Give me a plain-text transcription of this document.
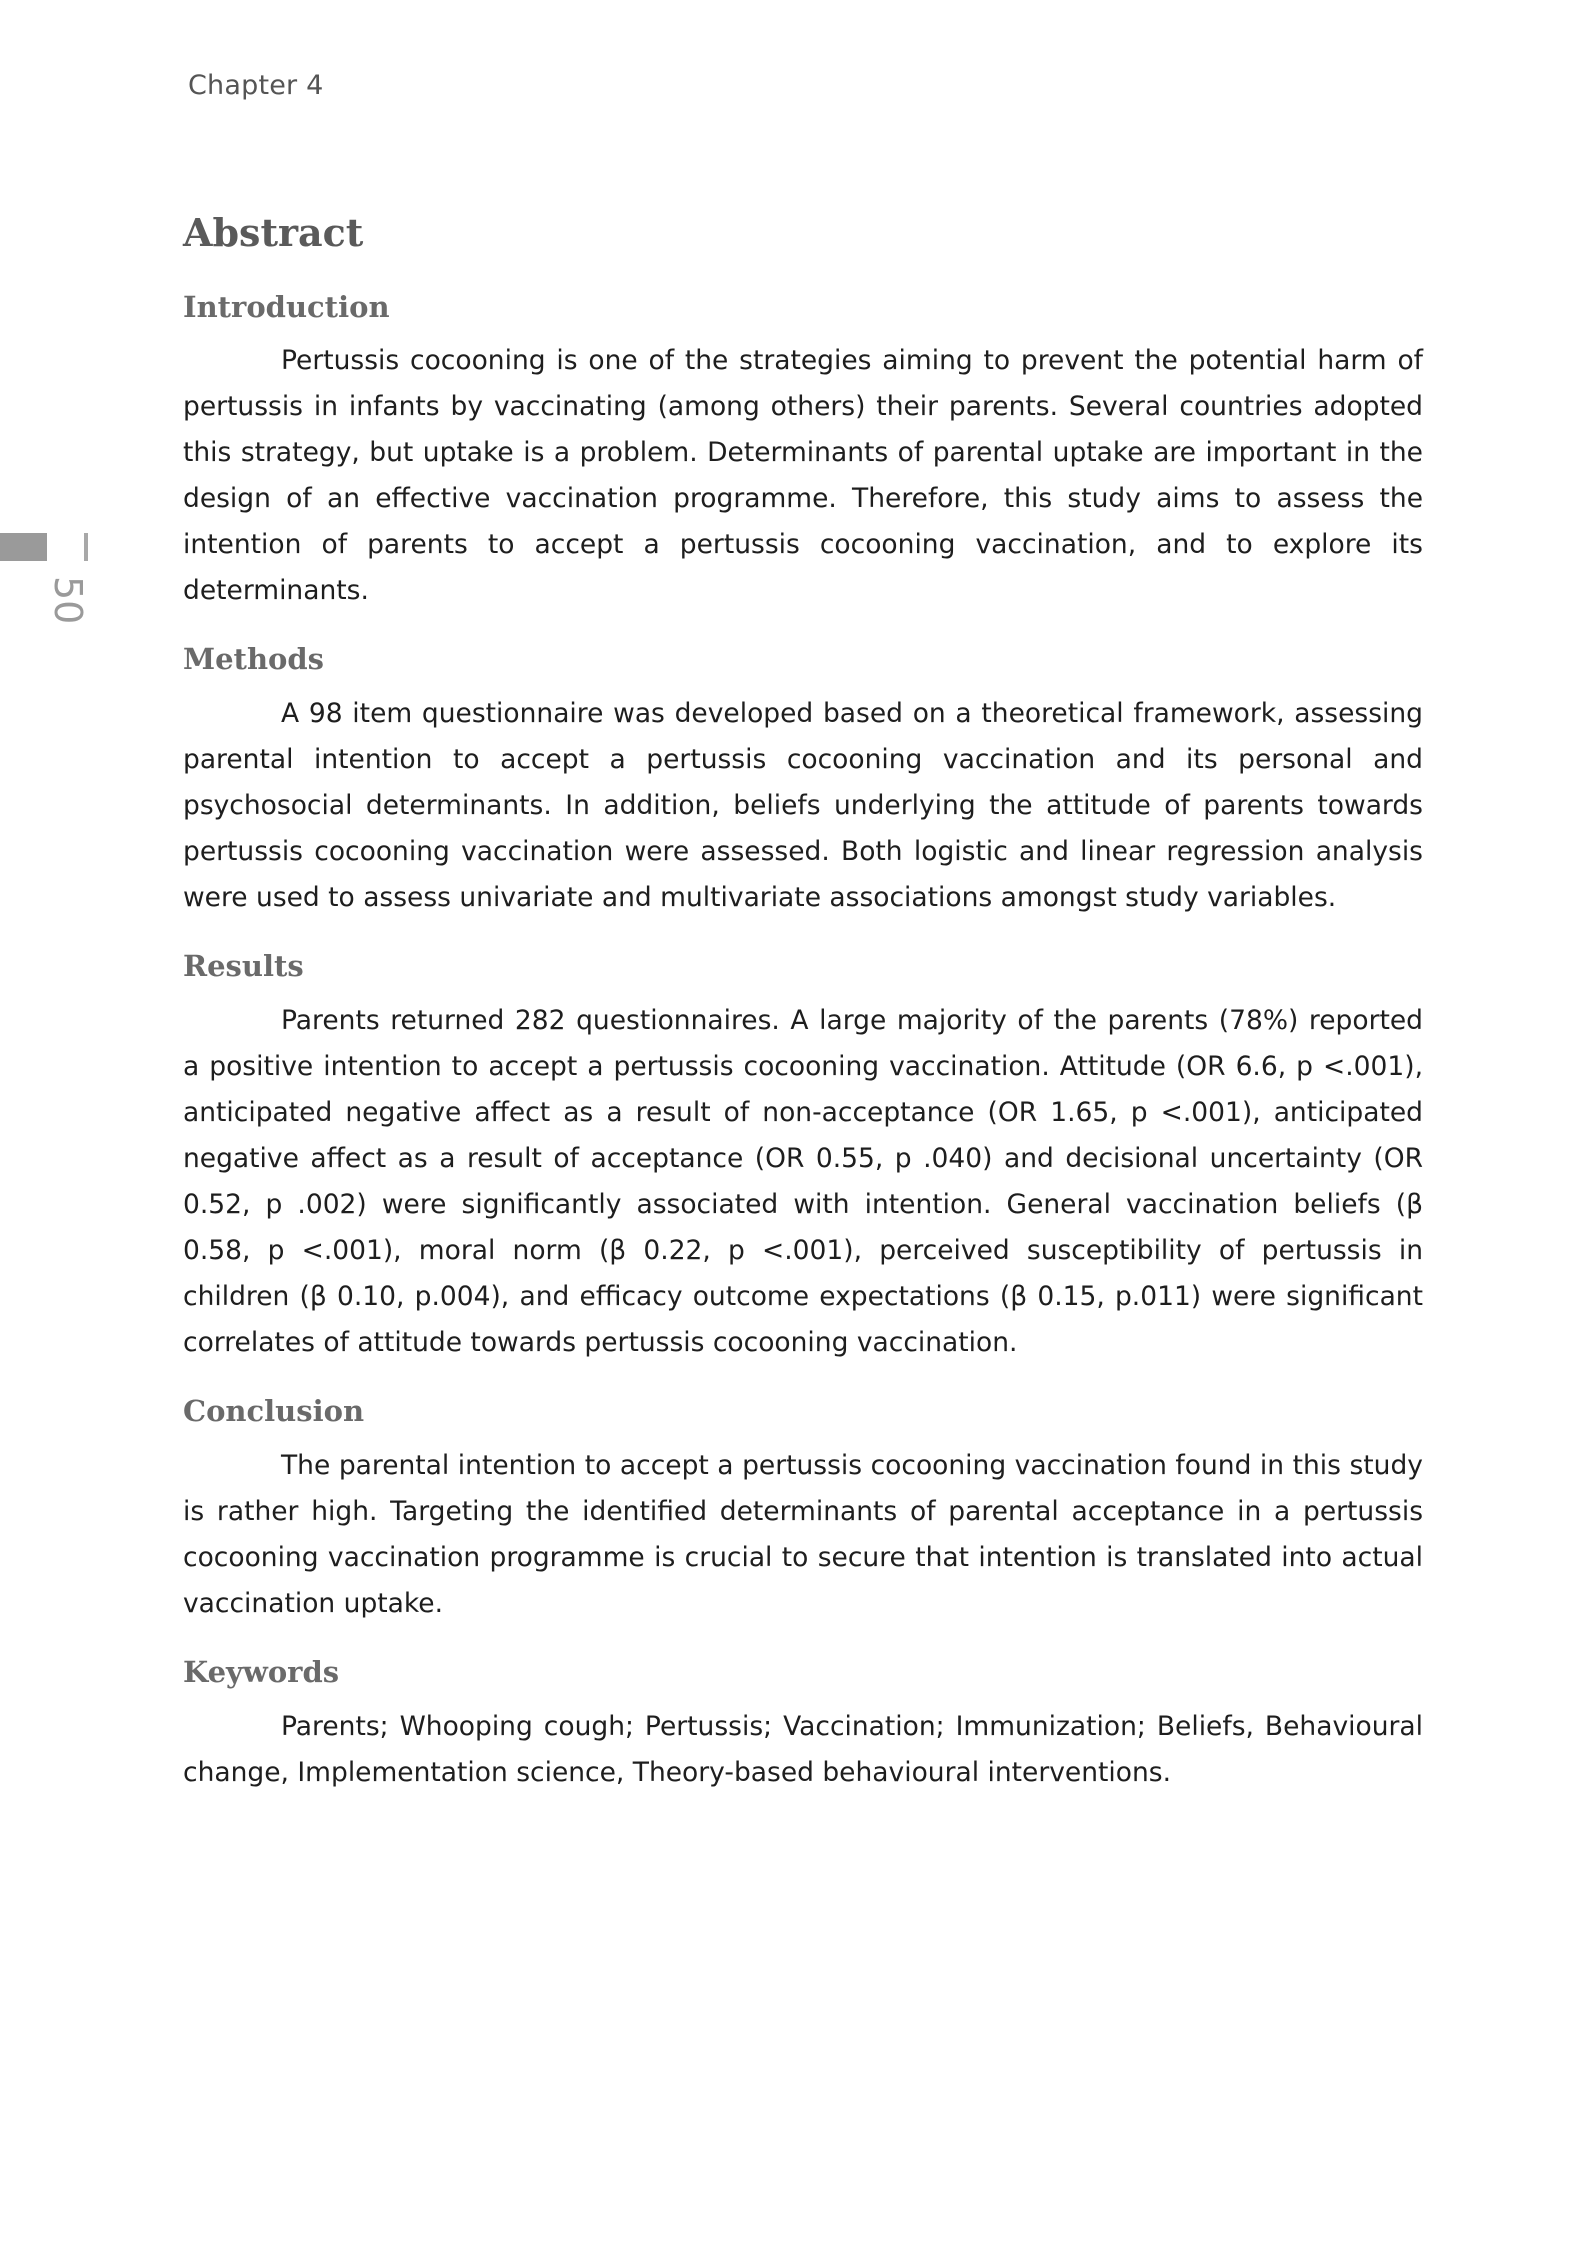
Chapter 4
50
Abstract
Introduction

Pertussis cocooning is one of the strategies aiming to prevent the potential harm of pertussis in infants by vaccinating (among others) their parents. Several countries adopted this strategy, but uptake is a problem. Determinants of parental uptake are important in the design of an effective vaccination programme. Therefore, this study aims to assess the intention of parents to accept a pertussis cocooning vaccination, and to explore its determinants.

Methods

A 98 item questionnaire was developed based on a theoretical framework, assessing parental intention to accept a pertussis cocooning vaccination and its personal and psychosocial determinants. In addition, beliefs underlying the attitude of parents towards pertussis cocooning vaccination were assessed. Both logistic and linear regression analysis were used to assess univariate and multivariate associations amongst study variables.

Results

Parents returned 282 questionnaires. A large majority of the parents (78%) reported a positive intention to accept a pertussis cocooning vaccination. Attitude (OR 6.6, p <.001), anticipated negative affect as a result of non-acceptance (OR 1.65, p <.001), anticipated negative affect as a result of acceptance (OR 0.55, p .040) and decisional uncertainty (OR 0.52, p .002) were significantly associated with intention. General vaccination beliefs (β 0.58, p <.001), moral norm (β 0.22, p <.001), perceived susceptibility of pertussis in children (β 0.10, p.004), and efficacy outcome expectations (β 0.15, p.011) were significant correlates of attitude towards pertussis cocooning vaccination.

Conclusion

The parental intention to accept a pertussis cocooning vaccination found in this study is rather high. Targeting the identified determinants of parental acceptance in a pertussis cocooning vaccination programme is crucial to secure that intention is translated into actual vaccination uptake.

Keywords

Parents; Whooping cough; Pertussis; Vaccination; Immunization; Beliefs, Behavioural change, Implementation science, Theory-based behavioural interventions.
